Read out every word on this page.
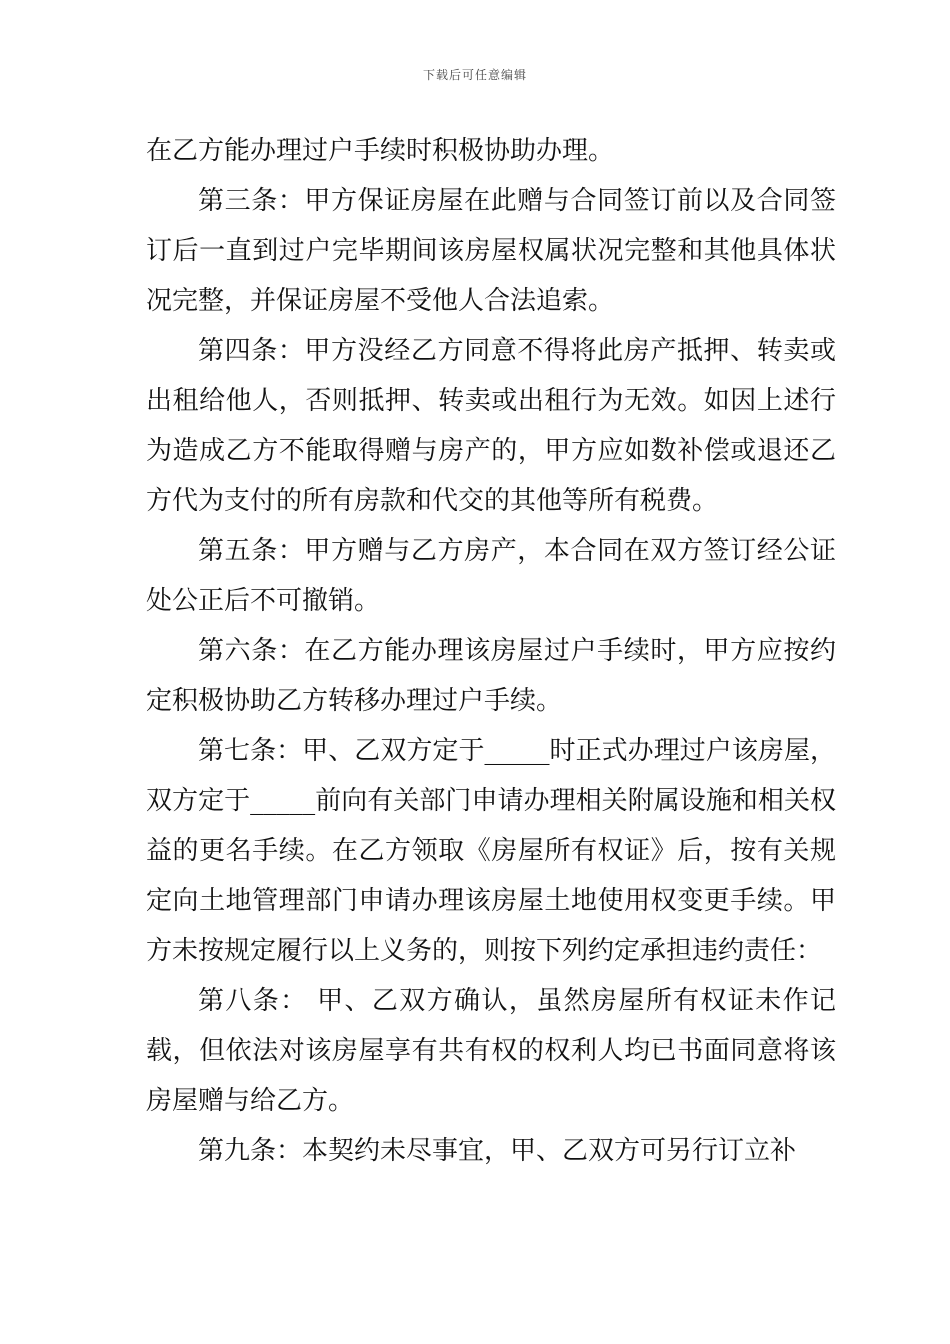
下载后可任意编辑

在乙方能办理过户手续时积极协助办理。

第三条：甲方保证房屋在此赠与合同签订前以及合同签订后一直到过户完毕期间该房屋权属状况完整和其他具体状况完整，并保证房屋不受他人合法追索。

第四条：甲方没经乙方同意不得将此房产抵押、转卖或出租给他人，否则抵押、转卖或出租行为无效。如因上述行为造成乙方不能取得赠与房产的，甲方应如数补偿或退还乙方代为支付的所有房款和代交的其他等所有税费。

第五条：甲方赠与乙方房产，本合同在双方签订经公证处公正后不可撤销。

第六条：在乙方能办理该房屋过户手续时，甲方应按约定积极协助乙方转移办理过户手续。

第七条：甲、乙双方定于_____时正式办理过户该房屋，双方定于_____前向有关部门申请办理相关附属设施和相关权益的更名手续。在乙方领取《房屋所有权证》后，按有关规定向土地管理部门申请办理该房屋土地使用权变更手续。甲方未按规定履行以上义务的，则按下列约定承担违约责任：

第八条： 甲、乙双方确认，虽然房屋所有权证未作记载，但依法对该房屋享有共有权的权利人均已书面同意将该房屋赠与给乙方。

第九条：本契约未尽事宜，甲、乙双方可另行订立补
